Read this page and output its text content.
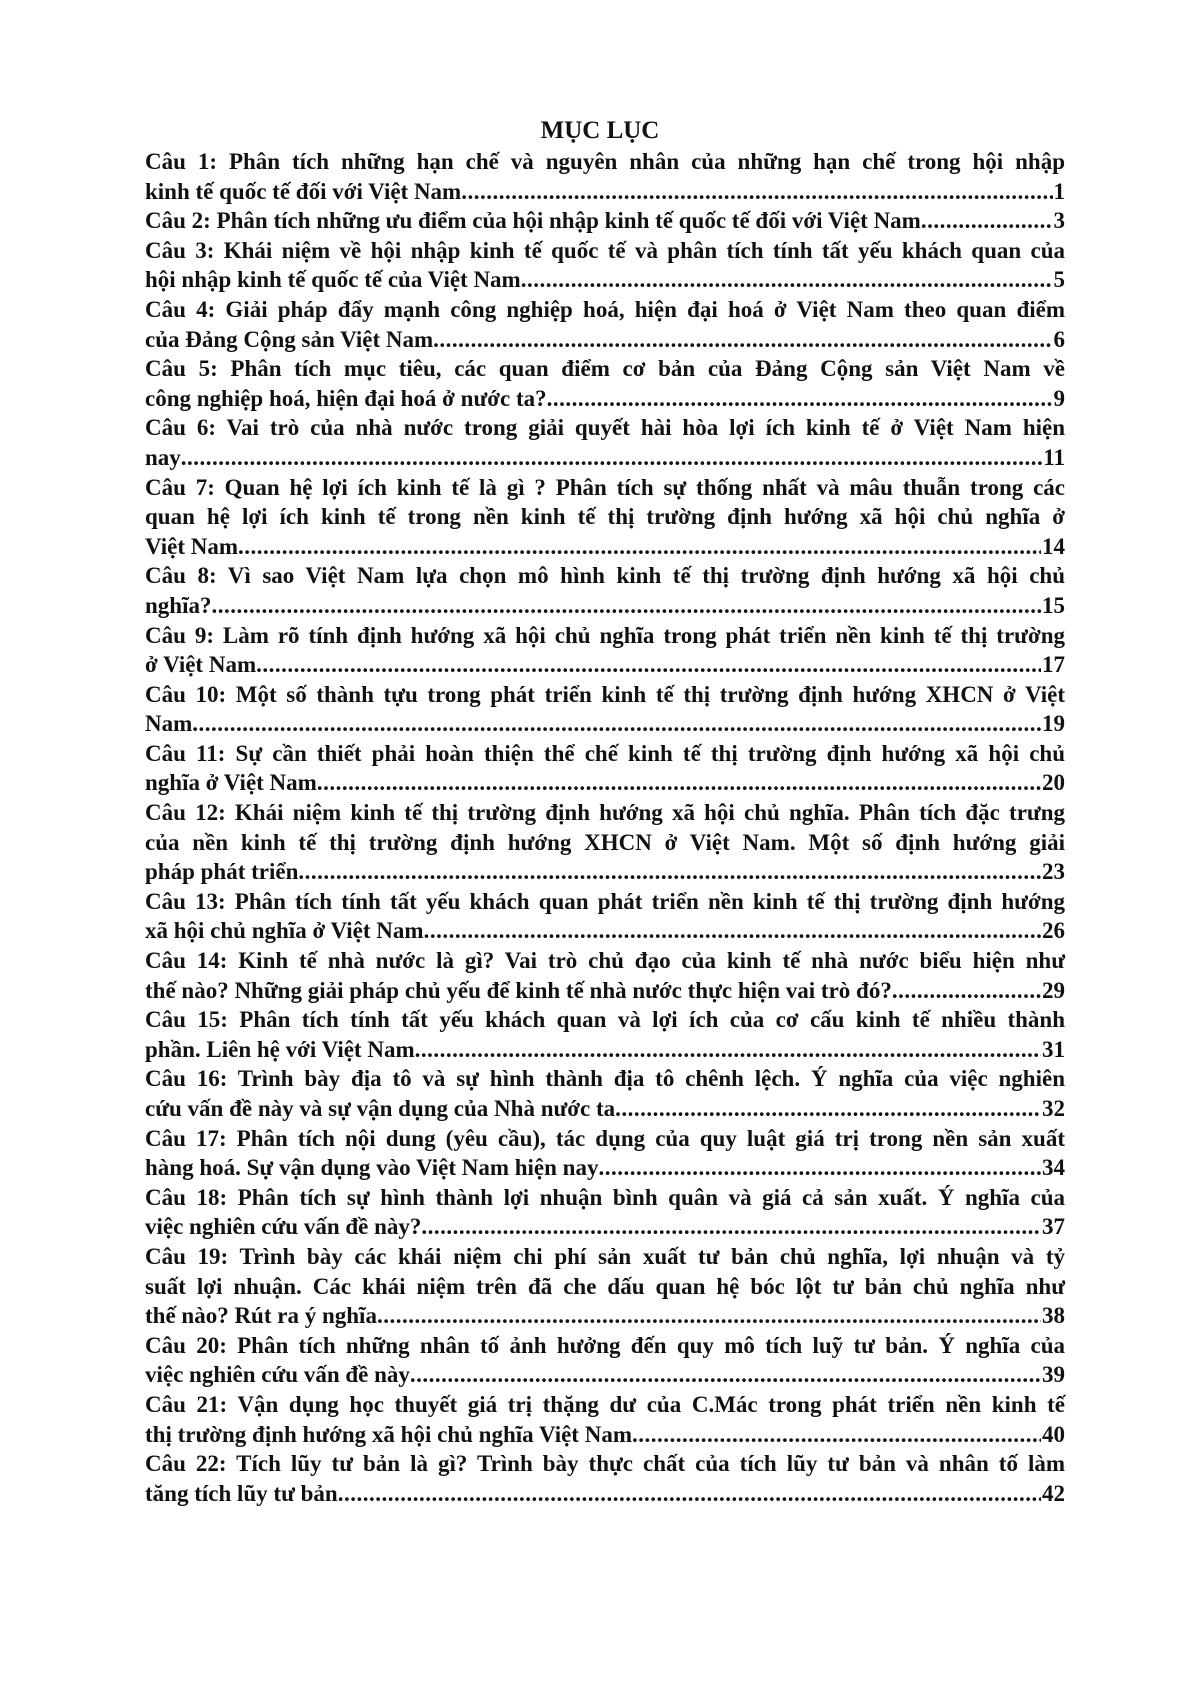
MỤC LỤC
Câu 1: Phân tích những hạn chế và nguyên nhân của những hạn chế trong hội nhập
kinh tế quốc tế đối với Việt Nam .....	1
Câu 2: Phân tích những ưu điểm của hội nhập kinh tế quốc tế đối với Việt Nam .....	3
Câu 3: Khái niệm về hội nhập kinh tế quốc tế và phân tích tính tất yếu khách quan của
hội nhập kinh tế quốc tế của Việt Nam .....	5
Câu 4: Giải pháp đẩy mạnh công nghiệp hoá, hiện đại hoá ở Việt Nam theo quan điểm
của Đảng Cộng sản Việt Nam .....	6
Câu 5: Phân tích mục tiêu, các quan điểm cơ bản của Đảng Cộng sản Việt Nam về
công nghiệp hoá, hiện đại hoá ở nước ta? .....	9
Câu 6: Vai trò của nhà nước trong giải quyết hài hòa lợi ích kinh tế ở Việt Nam hiện
nay .....	11
Câu 7: Quan hệ lợi ích kinh tế là gì ? Phân tích sự thống nhất và mâu thuẫn trong các
quan hệ lợi ích kinh tế trong nền kinh tế thị trường định hướng xã hội chủ nghĩa ở
Việt Nam .....	14
Câu 8: Vì sao Việt Nam lựa chọn mô hình kinh tế thị trường định hướng xã hội chủ
nghĩa? .....	15
Câu 9: Làm rõ tính định hướng xã hội chủ nghĩa trong phát triển nền kinh tế thị trường
ở Việt Nam .....	17
Câu 10: Một số thành tựu trong phát triển kinh tế thị trường định hướng XHCN ở Việt
Nam .....	19
Câu 11: Sự cần thiết phải hoàn thiện thể chế kinh tế thị trường định hướng xã hội chủ
nghĩa ở Việt Nam .....	20
Câu 12: Khái niệm kinh tế thị trường định hướng xã hội chủ nghĩa. Phân tích đặc trưng
của nền kinh tế thị trường định hướng XHCN ở Việt Nam. Một số định hướng giải
pháp phát triển .....	23
Câu 13: Phân tích tính tất yếu khách quan phát triển nền kinh tế thị trường định hướng
xã hội chủ nghĩa ở Việt Nam .....	26
Câu 14: Kinh tế nhà nước là gì? Vai trò chủ đạo của kinh tế nhà nước biểu hiện như
thế nào? Những giải pháp chủ yếu để kinh tế nhà nước thực hiện vai trò đó? .....	29
Câu 15: Phân tích tính tất yếu khách quan và lợi ích của cơ cấu kinh tế nhiều thành
phần. Liên hệ với Việt Nam .....	31
Câu 16: Trình bày địa tô và sự hình thành địa tô chênh lệch. Ý nghĩa của việc nghiên
cứu vấn đề này và sự vận dụng của Nhà nước ta .....	32
Câu 17: Phân tích nội dung (yêu cầu), tác dụng của quy luật giá trị trong nền sản xuất
hàng hoá. Sự vận dụng vào Việt Nam hiện nay .....	34
Câu 18: Phân tích sự hình thành lợi nhuận bình quân và giá cả sản xuất. Ý nghĩa của
việc nghiên cứu vấn đề này? .....	37
Câu 19: Trình bày các khái niệm chi phí sản xuất tư bản chủ nghĩa, lợi nhuận và tỷ
suất lợi nhuận. Các khái niệm trên đã che dấu quan hệ bóc lột tư bản chủ nghĩa như
thế nào? Rút ra ý nghĩa .....	38
Câu 20: Phân tích những nhân tố ảnh hưởng đến quy mô tích luỹ tư bản. Ý nghĩa của
việc nghiên cứu vấn đề này .....	39
Câu 21: Vận dụng học thuyết giá trị thặng dư của C.Mác trong phát triển nền kinh tế
thị trường định hướng xã hội chủ nghĩa Việt Nam .....	40
Câu 22: Tích lũy tư bản là gì? Trình bày thực chất của tích lũy tư bản và nhân tố làm
tăng tích lũy tư bản .....	42
